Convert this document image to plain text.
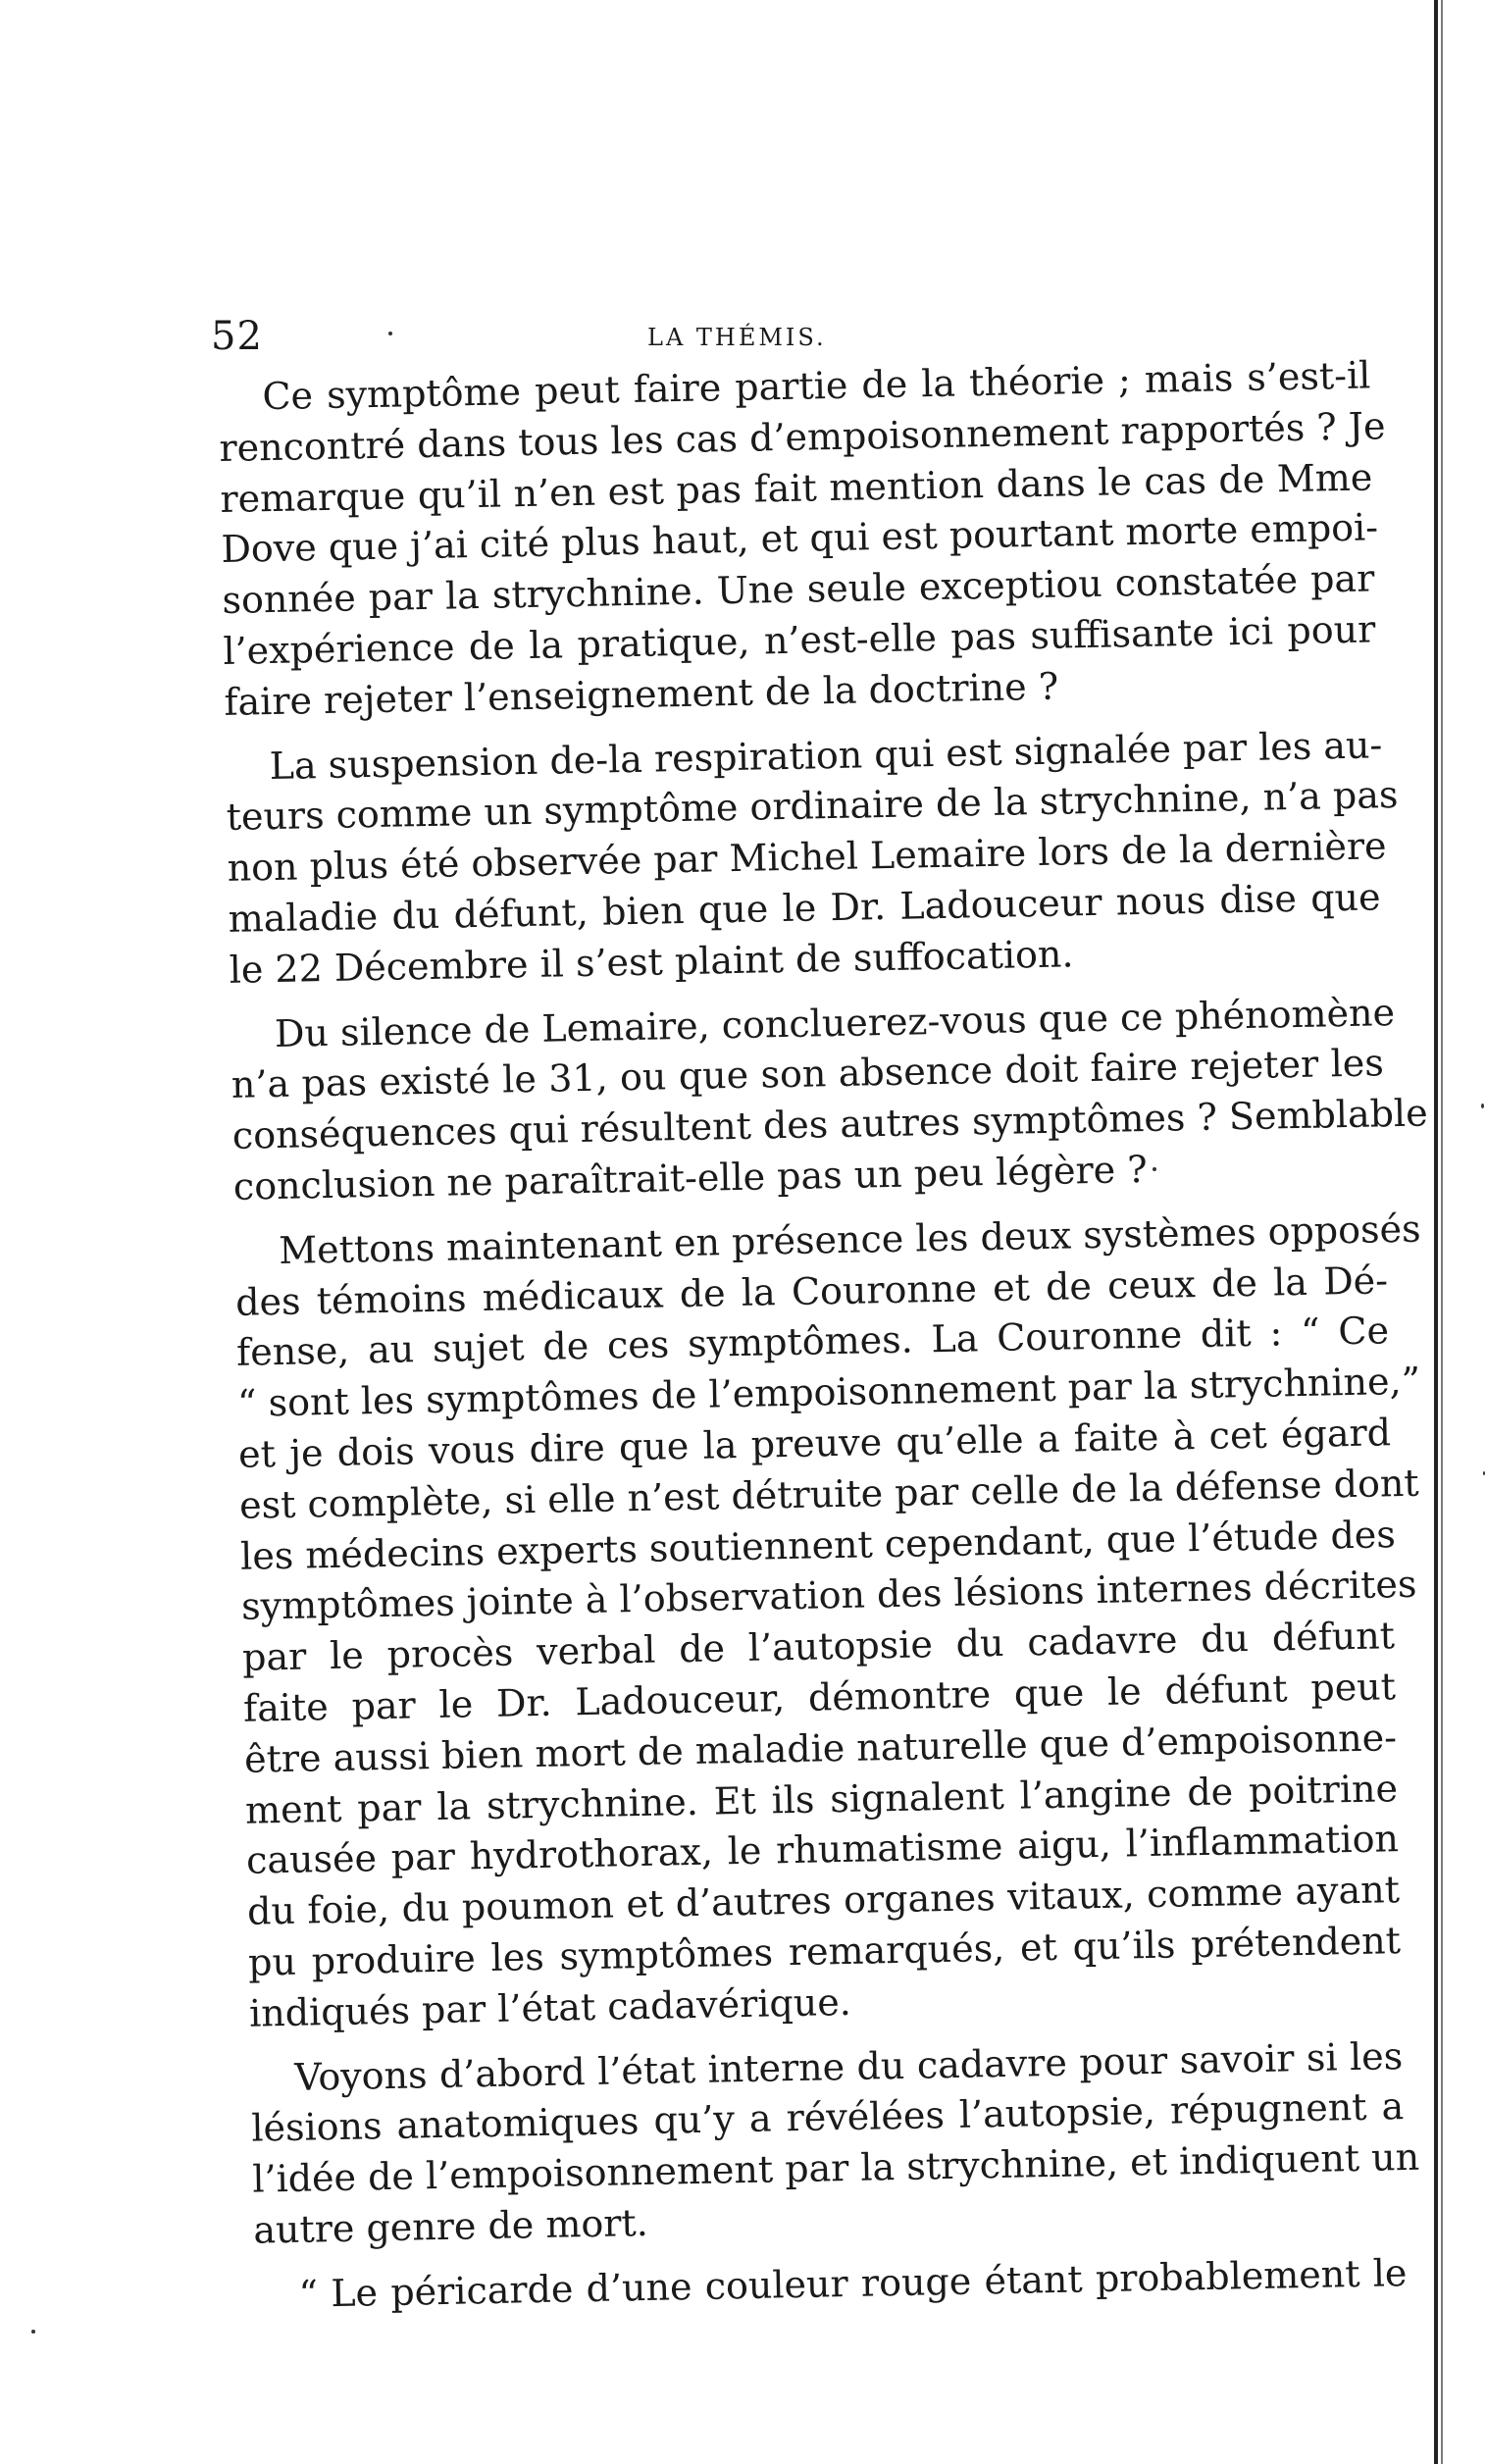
52	LA THÉMIS.
Ce symptôme peut faire partie de la théorie ; mais s’est-il
rencontré dans tous les cas d’empoisonnement rapportés ? Je
remarque qu’il n’en est pas fait mention dans le cas de Mme
Dove que j’ai cité plus haut, et qui est pourtant morte empoi-
sonnée par la strychnine. Une seule exceptiou constatée par
l’expérience de la pratique, n’est-elle pas suffisante ici pour
faire rejeter l’enseignement de la doctrine ?
La suspension de-la respiration qui est signalée par les au-
teurs comme un symptôme ordinaire de la strychnine, n’a pas
non plus été observée par Michel Lemaire lors de la dernière
maladie du défunt, bien que le Dr. Ladouceur nous dise que
le 22 Décembre il s’est plaint de suffocation.
Du silence de Lemaire, concluerez-vous que ce phénomène
n’a pas existé le 31, ou que son absence doit faire rejeter les
conséquences qui résultent des autres symptômes ? Semblable
conclusion ne paraîtrait-elle pas un peu légère ?
Mettons maintenant en présence les deux systèmes opposés
des témoins médicaux de la Couronne et de ceux de la Dé-
fense, au sujet de ces symptômes. La Couronne dit : “ Ce
“ sont les symptômes de l’empoisonnement par la strychnine,”
et je dois vous dire que la preuve qu’elle a faite à cet égard
est complète, si elle n’est détruite par celle de la défense dont
les médecins experts soutiennent cependant, que l’étude des
symptômes jointe à l’observation des lésions internes décrites
par le procès verbal de l’autopsie du cadavre du défunt
faite par le Dr. Ladouceur, démontre que le défunt peut
être aussi bien mort de maladie naturelle que d’empoisonne-
ment par la strychnine. Et ils signalent l’angine de poitrine
causée par hydrothorax, le rhumatisme aigu, l’inflammation
du foie, du poumon et d’autres organes vitaux, comme ayant
pu produire les symptômes remarqués, et qu’ils prétendent
indiqués par l’état cadavérique.
Voyons d’abord l’état interne du cadavre pour savoir si les
lésions anatomiques qu’y a révélées l’autopsie, répugnent a
l’idée de l’empoisonnement par la strychnine, et indiquent un
autre genre de mort.
“ Le péricarde d’une couleur rouge étant probablement le
